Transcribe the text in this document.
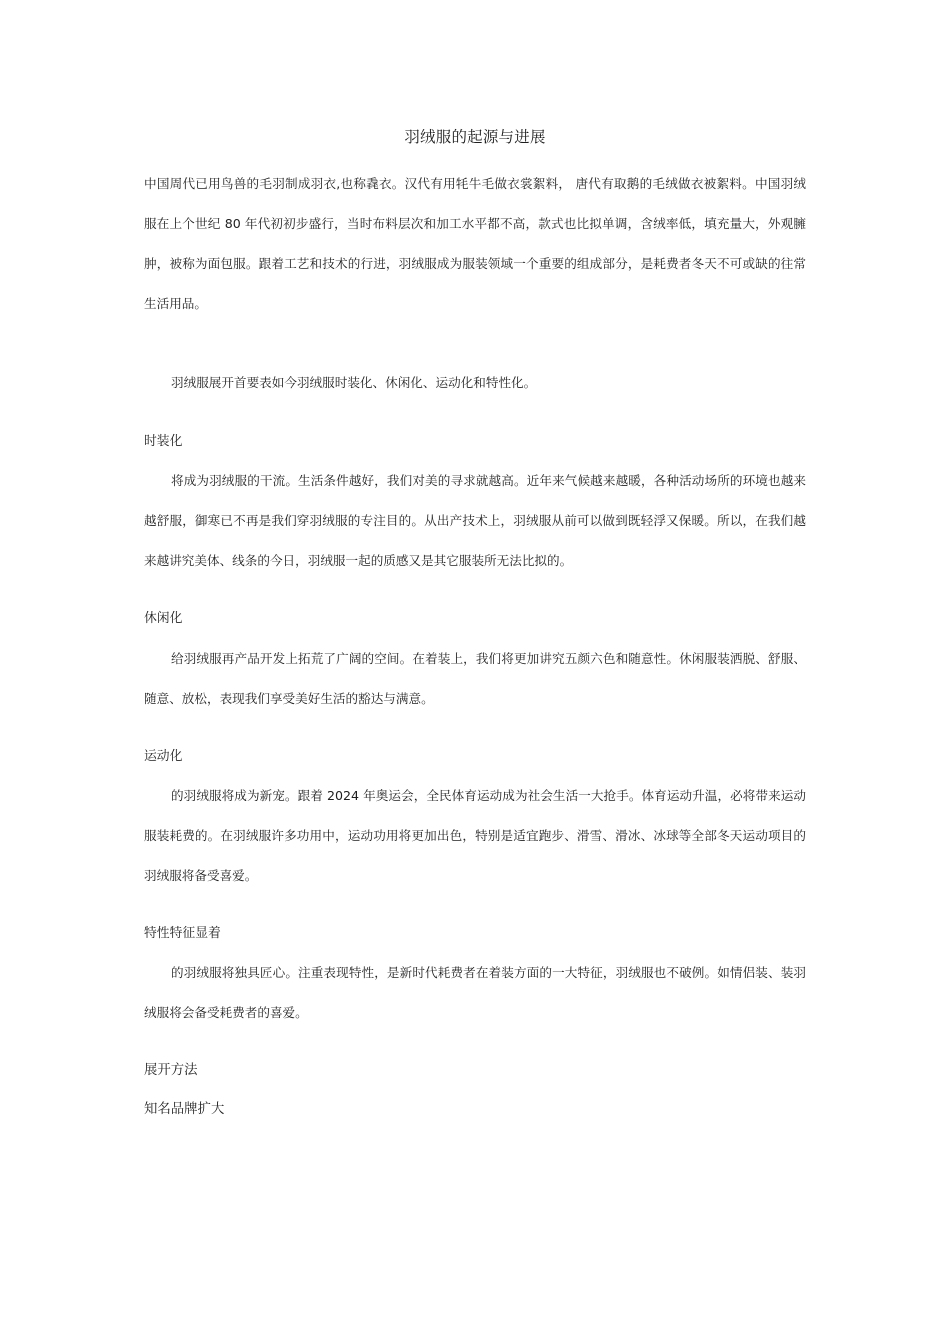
羽绒服的起源与进展

中国周代已用鸟兽的毛羽制成羽衣,也称毳衣。汉代有用牦牛毛做衣裳絮料， 唐代有取鹅的毛绒做衣被絮料。中国羽绒服在上个世纪 80 年代初初步盛行，当时布料层次和加工水平都不高，款式也比拟单调，含绒率低，填充量大，外观臃肿，被称为面包服。跟着工艺和技术的行进，羽绒服成为服装领域一个重要的组成部分，是耗费者冬天不可或缺的往常生活用品。

羽绒服展开首要表如今羽绒服时装化、休闲化、运动化和特性化。

时装化

将成为羽绒服的干流。生活条件越好，我们对美的寻求就越高。近年来气候越来越暖，各种活动场所的环境也越来越舒服，御寒已不再是我们穿羽绒服的专注目的。从出产技术上，羽绒服从前可以做到既轻浮又保暖。所以，在我们越来越讲究美体、线条的今日，羽绒服一起的质感又是其它服装所无法比拟的。

休闲化

给羽绒服再产品开发上拓荒了广阔的空间。在着装上，我们将更加讲究五颜六色和随意性。休闲服装洒脱、舒服、随意、放松，表现我们享受美好生活的豁达与满意。

运动化

的羽绒服将成为新宠。跟着 2024 年奥运会，全民体育运动成为社会生活一大抢手。体育运动升温，必将带来运动服装耗费的。在羽绒服许多功用中，运动功用将更加出色，特别是适宜跑步、滑雪、滑冰、冰球等全部冬天运动项目的羽绒服将备受喜爱。

特性特征显着

的羽绒服将独具匠心。注重表现特性，是新时代耗费者在着装方面的一大特征，羽绒服也不破例。如情侣装、装羽绒服将会备受耗费者的喜爱。

展开方法
知名品牌扩大
